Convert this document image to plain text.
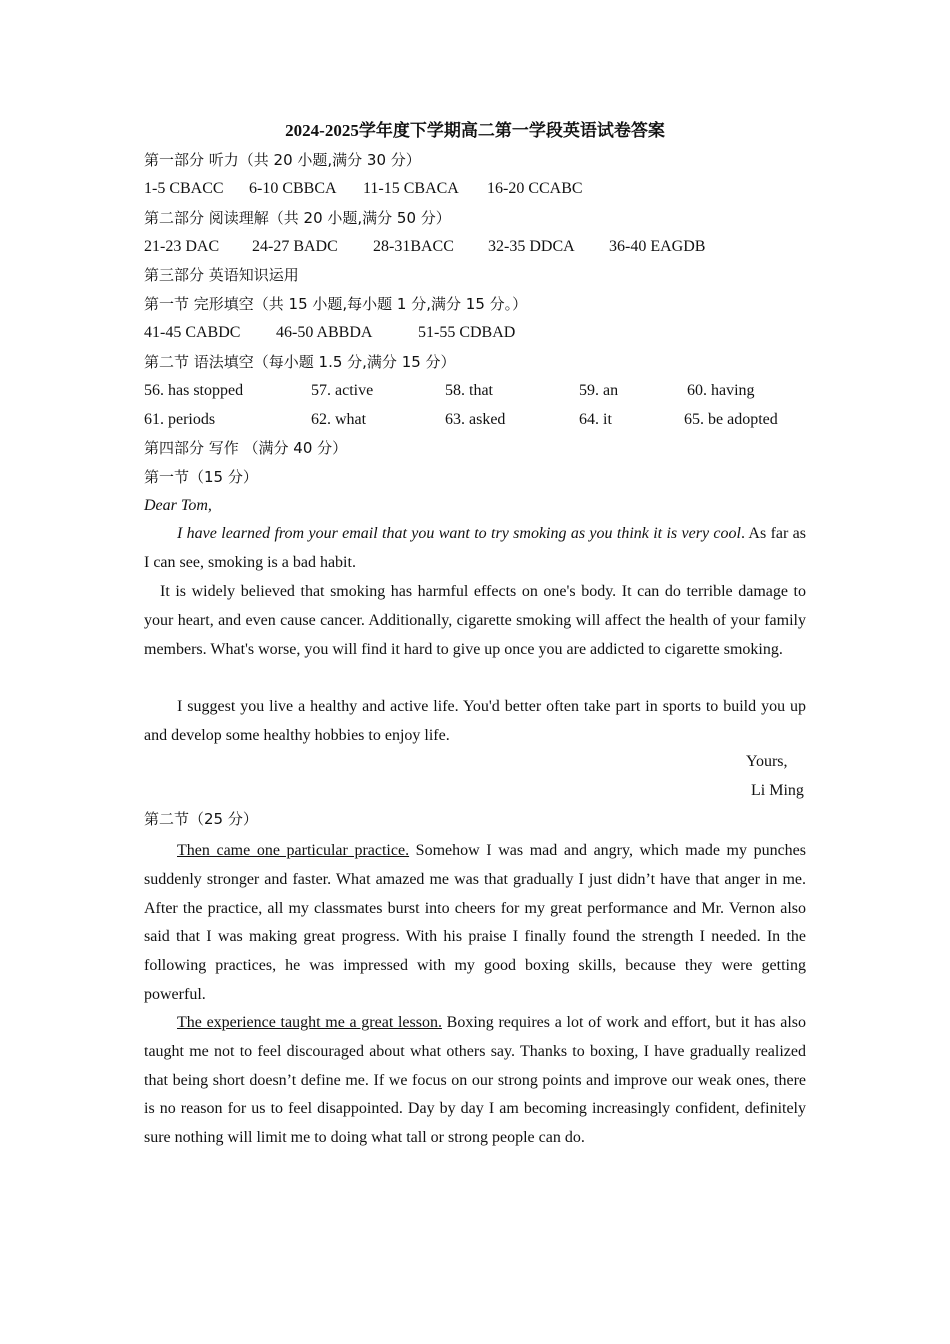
2024-2025学年度下学期高二第一学段英语试卷答案
第一部分 听力（共 20 小题,满分 30 分）
1-5 CBACC 6-10 CBBCA 11-15 CBACA 16-20 CCABC
第二部分 阅读理解（共 20 小题,满分 50 分）
21-23 DAC 24-27 BADC 28-31BACC 32-35 DDCA 36-40 EAGDB
第三部分 英语知识运用
第一节 完形填空（共 15 小题,每小题 1 分,满分 15 分。）
41-45 CABDC 46-50 ABBDA	51-55 CDBAD
第二节 语法填空（每小题 1.5 分,满分 15 分）
56. has stopped	57. active	58. that	59. an	60. having
61. periods	62. what	63. asked	64. it	65. be adopted
第四部分 写作 （满分 40 分）
第一节（15 分）
Dear Tom,

I have learned from your email that you want to try smoking as you think it is very cool. As far as I can see, smoking is a bad habit.

It is widely believed that smoking has harmful effects on one's body. It can do terrible damage to your heart, and even cause cancer. Additionally, cigarette smoking will affect the health of your family members. What's worse, you will find it hard to give up once you are addicted to cigarette smoking.

I suggest you live a healthy and active life. You'd better often take part in sports to build you up and develop some healthy hobbies to enjoy life.

Yours,
Li Ming
第二节（25 分）

Then came one particular practice. Somehow I was mad and angry, which made my punches suddenly stronger and faster. What amazed me was that gradually I just didn’t have that anger in me. After the practice, all my classmates burst into cheers for my great performance and Mr. Vernon also said that I was making great progress. With his praise I finally found the strength I needed. In the following practices, he was impressed with my good boxing skills, because they were getting powerful.

The experience taught me a great lesson. Boxing requires a lot of work and effort, but it has also taught me not to feel discouraged about what others say. Thanks to boxing, I have gradually realized that being short doesn’t define me. If we focus on our strong points and improve our weak ones, there is no reason for us to feel disappointed. Day by day I am becoming increasingly confident, definitely sure nothing will limit me to doing what tall or strong people can do.
